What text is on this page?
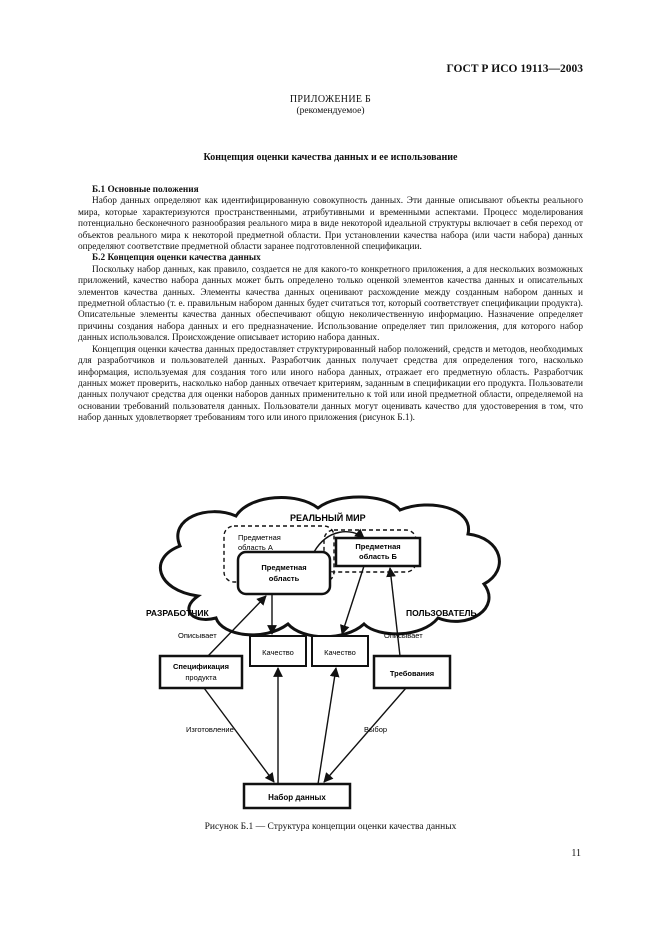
ГОСТ Р ИСО 19113—2003
ПРИЛОЖЕНИЕ Б
(рекомендуемое)
Концепция оценки качества данных и ее использование

Б.1 Основные положения

Набор данных определяют как идентифицированную совокупность данных. Эти данные описывают объекты реального мира, которые характеризуются пространственными, атрибутивными и временными аспектами. Процесс моделирования потенциально бесконечного разнообразия реального мира в виде некоторой идеальной структуры включает в себя переход от объектов реального мира к некоторой предметной области. При установлении качества набора (или части набора) данных определяют соответствие предметной области заранее подготовленной спецификации.

Б.2 Концепция оценки качества данных

Поскольку набор данных, как правило, создается не для какого-то конкретного приложения, а для нескольких возможных приложений, качество набора данных может быть определено только оценкой элементов качества данных и описательных элементов качества данных. Элементы качества данных оценивают расхождение между созданным набором данных и предметной областью (т. е. правильным набором данных будет считаться тот, который соответствует спецификации продукта). Описательные элементы качества данных обеспечивают общую неколичественную информацию. Назначение определяет причины создания набора данных и его предназначение. Использование определяет тип приложения, для которого набор данных использовался. Происхождение описывает историю набора данных.

Концепция оценки качества данных предоставляет структурированный набор положений, средств и методов, необходимых для разработчиков и пользователей данных. Разработчик данных получает средства для определения того, насколько информация, используемая для создания того или иного набора данных, отражает его предметную область. Разработчик данных может проверить, насколько набор данных отвечает критериям, заданным в спецификации его продукта. Пользователи данных получают средства для оценки наборов данных применительно к той или иной предметной области, определяемой на основании требований пользователя данных. Пользователи данных могут оценивать качество для удостоверения в том, что набор данных удовлетворяет требованиям того или иного приложения (рисунок Б.1).

РЕАЛЬНЫЙ МИР
Предметная
область А	Предметная
область Б
Предметная
область
РАЗРАБОТЧИК	ПОЛЬЗОВАТЕЛЬ
Описывает	Описывает
Качество	Качество
Спецификация
продукта	Требования
Изготовление	Выбор
Набор данных
Рисунок Б.1 — Структура концепции оценки качества данных
11
